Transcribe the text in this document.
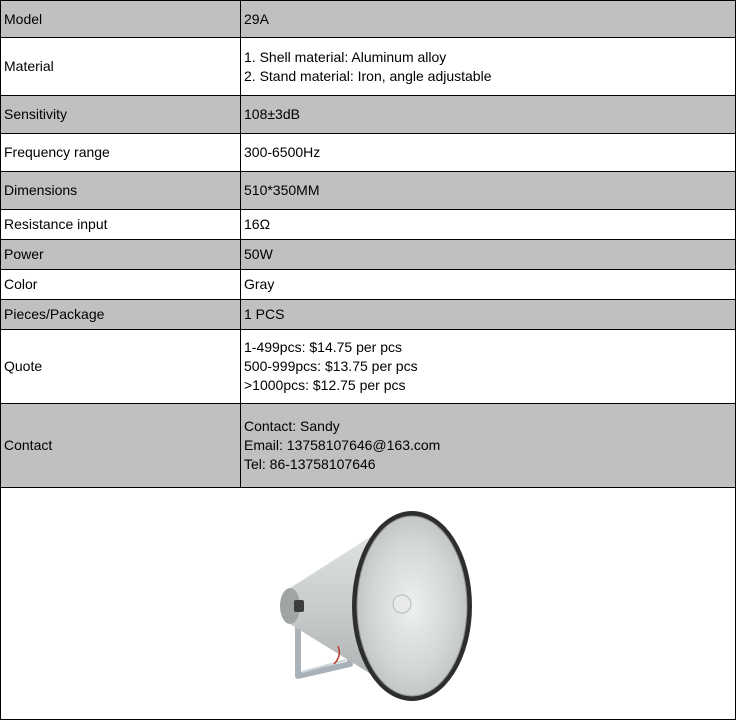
Model	29A
Material	1. Shell material: Aluminum alloy
2. Stand material: Iron, angle adjustable

Sensitivity	108±3dB
Frequency range	300-6500Hz
Dimensions	510*350MM
Resistance input	16Ω
Power	50W
Color	Gray
Pieces/Package	1 PCS
Quote	1-499pcs: $14.75 per pcs
500-999pcs: $13.75 per pcs
>1000pcs: $12.75 per pcs

Contact	Contact: Sandy
Email: 13758107646@163.com
Tel: 86-13758107646
